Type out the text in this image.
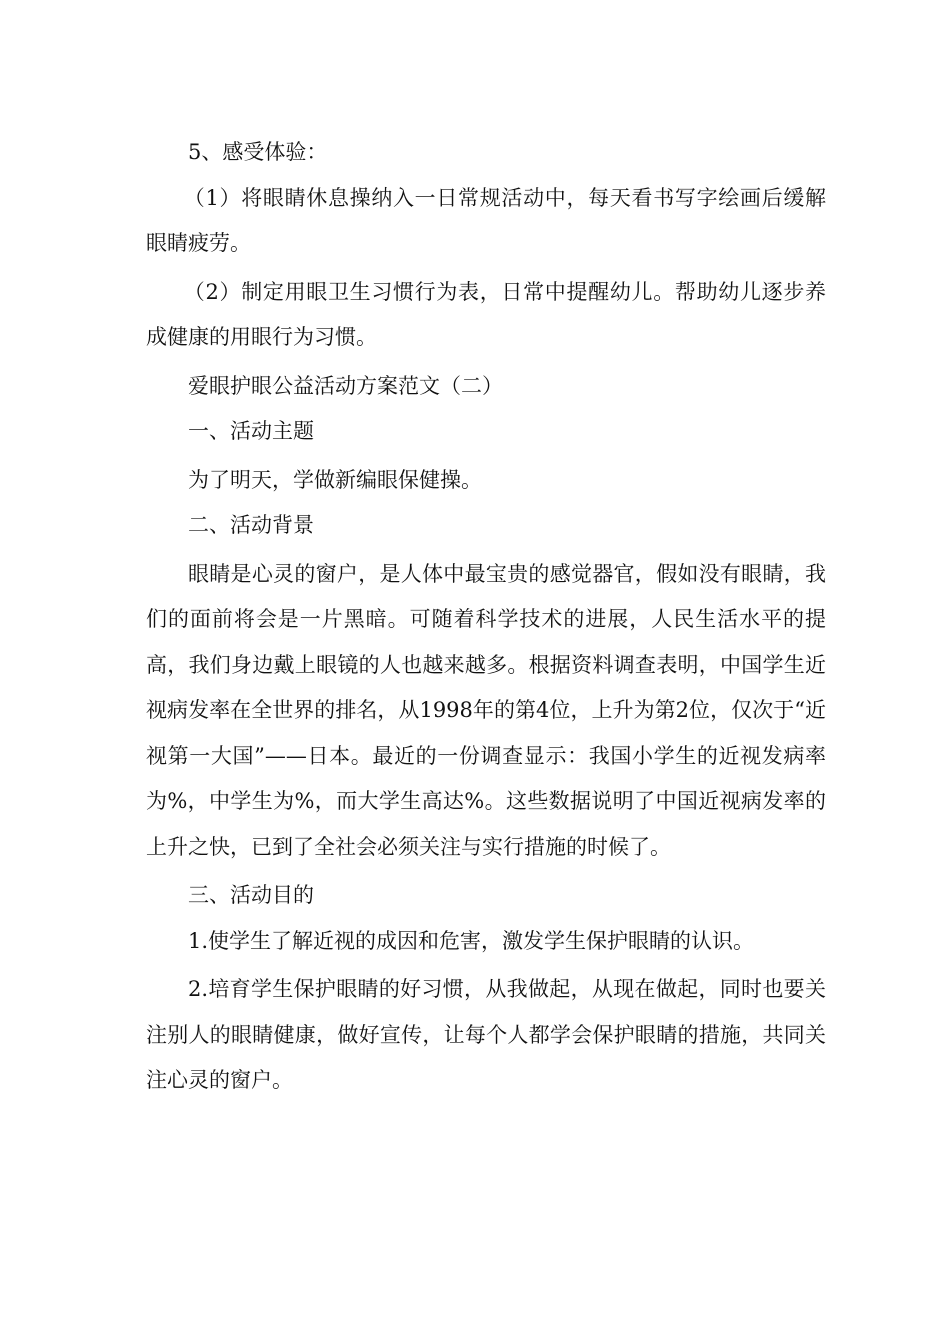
5、感受体验：

（1）将眼睛休息操纳入一日常规活动中，每天看书写字绘画后缓解眼睛疲劳。

（2）制定用眼卫生习惯行为表，日常中提醒幼儿。帮助幼儿逐步养成健康的用眼行为习惯。

爱眼护眼公益活动方案范文（二）

一、活动主题

为了明天，学做新编眼保健操。

二、活动背景

眼睛是心灵的窗户，是人体中最宝贵的感觉器官，假如没有眼睛，我们的面前将会是一片黑暗。可随着科学技术的进展，人民生活水平的提高，我们身边戴上眼镜的人也越来越多。根据资料调查表明，中国学生近视病发率在全世界的排名，从1998年的第4位，上升为第2位，仅次于“近视第一大国”——日本。最近的一份调查显示：我国小学生的近视发病率为%，中学生为%，而大学生高达%。这些数据说明了中国近视病发率的上升之快，已到了全社会必须关注与实行措施的时候了。

三、活动目的

1.使学生了解近视的成因和危害，激发学生保护眼睛的认识。

2.培育学生保护眼睛的好习惯，从我做起，从现在做起，同时也要关注别人的眼睛健康，做好宣传，让每个人都学会保护眼睛的措施，共同关注心灵的窗户。
